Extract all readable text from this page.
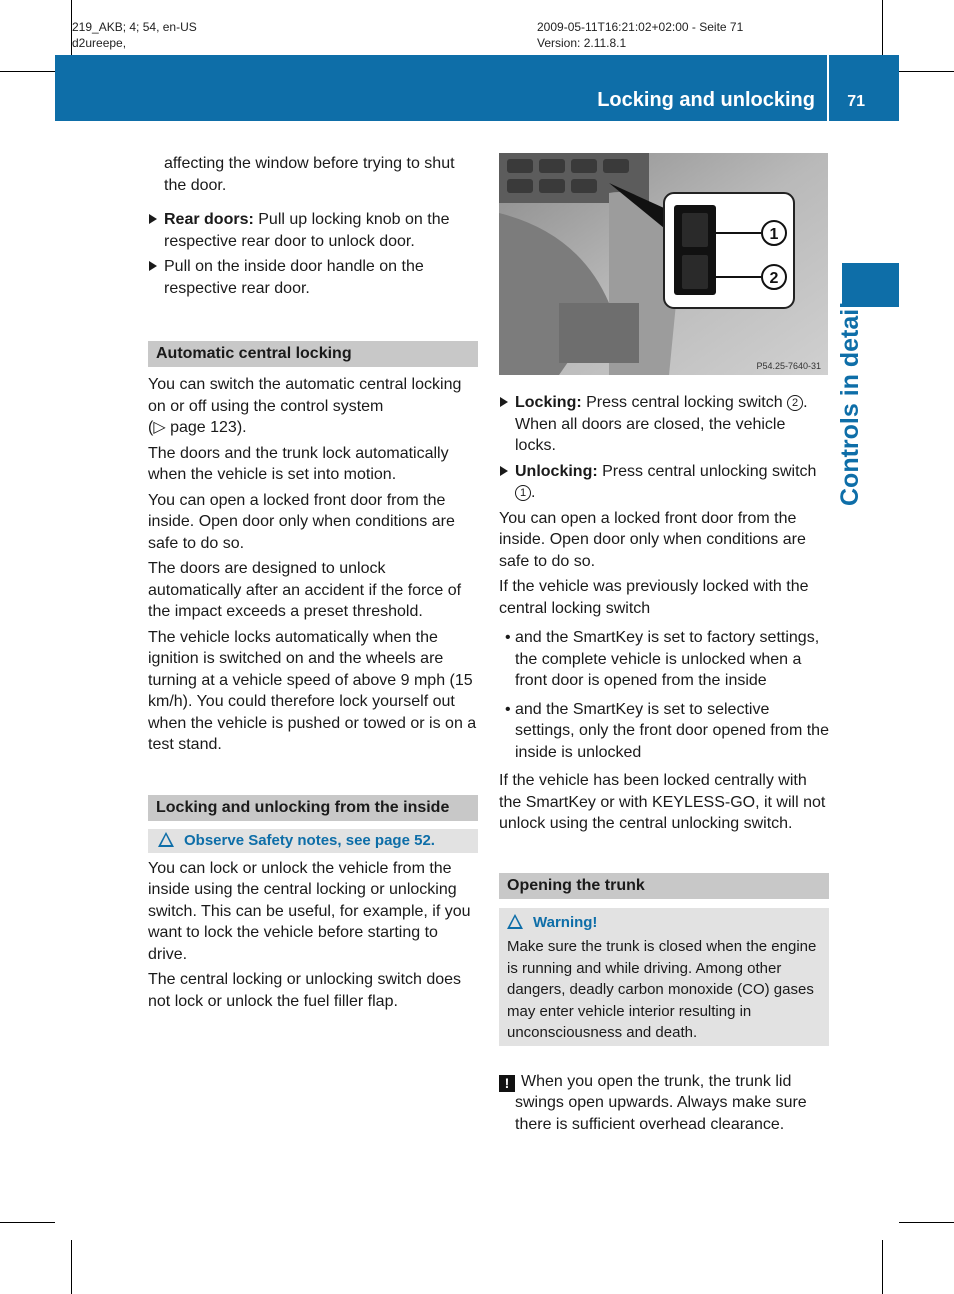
219_AKB; 4; 54, en-US
d2ureepe,
2009-05-11T16:21:02+02:00 - Seite 71
Version: 2.11.8.1
Locking and unlocking 71
Controls in detail

affecting the window before trying to shut the door.

Rear doors: Pull up locking knob on the respective rear door to unlock door.
Pull on the inside door handle on the respective rear door.
Automatic central locking

You can switch the automatic central locking on or off using the control system
(▷ page 123).

The doors and the trunk lock automatically when the vehicle is set into motion.

You can open a locked front door from the inside. Open door only when conditions are safe to do so.

The doors are designed to unlock automatically after an accident if the force of the impact exceeds a preset threshold.

The vehicle locks automatically when the ignition is switched on and the wheels are turning at a vehicle speed of above 9 mph (15 km/h). You could therefore lock yourself out when the vehicle is pushed or towed or is on a test stand.

Locking and unlocking from the inside
Observe Safety notes, see page 52.

You can lock or unlock the vehicle from the inside using the central locking or unlocking switch. This can be useful, for example, if you want to lock the vehicle before starting to drive.

The central locking or unlocking switch does not lock or unlock the fuel filler flap.

1
2
P54.25-7640-31
Locking: Press central locking switch 2 . When all doors are closed, the vehicle locks.
Unlocking: Press central unlocking switch 1 .

You can open a locked front door from the inside. Open door only when conditions are safe to do so.

If the vehicle was previously locked with the central locking switch

• and the SmartKey is set to factory settings, the complete vehicle is unlocked when a front door is opened from the inside
• and the SmartKey is set to selective settings, only the front door opened from the inside is unlocked

If the vehicle has been locked centrally with the SmartKey or with KEYLESS-GO, it will not unlock using the central unlocking switch.

Opening the trunk
Warning!
Make sure the trunk is closed when the engine is running and while driving. Among other dangers, deadly carbon monoxide (CO) gases may enter vehicle interior resulting in unconsciousness and death.
! When you open the trunk, the trunk lid swings open upwards. Always make sure there is sufficient overhead clearance.
